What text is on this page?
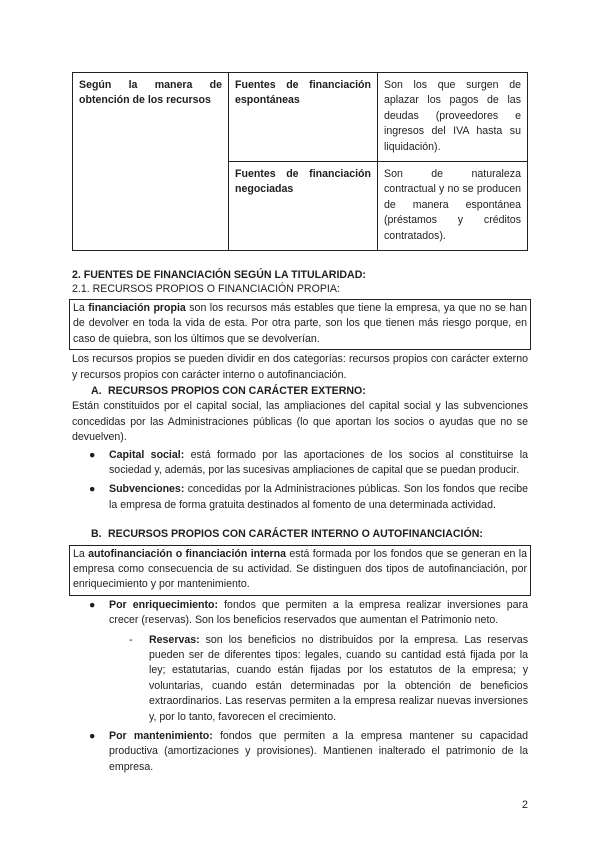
Según la manera de obtención de los recursos	Fuentes de financiación espontáneas	Son los que surgen de aplazar los pagos de las deudas (proveedores e ingresos del IVA hasta su liquidación).
	Fuentes de financiación negociadas	Son de naturaleza contractual y no se producen de manera espontánea (préstamos y créditos contratados).
2. FUENTES DE FINANCIACIÓN SEGÚN LA TITULARIDAD:
2.1. RECURSOS PROPIOS O FINANCIACIÓN PROPIA:
La financiación propia son los recursos más estables que tiene la empresa, ya que no se han de devolver en toda la vida de esta. Por otra parte, son los que tienen más riesgo porque, en caso de quiebra, son los últimos que se devolverían.
Los recursos propios se pueden dividir en dos categorías: recursos propios con carácter externo y recursos propios con carácter interno o autofinanciación.
A. RECURSOS PROPIOS CON CARÁCTER EXTERNO:
Están constituidos por el capital social, las ampliaciones del capital social y las subvenciones concedidas por las Administraciones públicas (lo que aportan los socios o ayudas que no se devuelven).
● Capital social: está formado por las aportaciones de los socios al constituirse la sociedad y, además, por las sucesivas ampliaciones de capital que se puedan producir.
● Subvenciones: concedidas por la Administraciones públicas. Son los fondos que recibe la empresa de forma gratuita destinados al fomento de una determinada actividad.
B. RECURSOS PROPIOS CON CARÁCTER INTERNO O AUTOFINANCIACIÓN:
La autofinanciación o financiación interna está formada por los fondos que se generan en la empresa como consecuencia de su actividad. Se distinguen dos tipos de autofinanciación, por enriquecimiento y por mantenimiento.
● Por enriquecimiento: fondos que permiten a la empresa realizar inversiones para crecer (reservas). Son los beneficios reservados que aumentan el Patrimonio neto.
- Reservas: son los beneficios no distribuidos por la empresa. Las reservas pueden ser de diferentes tipos: legales, cuando su cantidad está fijada por la ley; estatutarias, cuando están fijadas por los estatutos de la empresa; y voluntarias, cuando están determinadas por la obtención de beneficios extraordinarios. Las reservas permiten a la empresa realizar nuevas inversiones y, por lo tanto, favorecen el crecimiento.
● Por mantenimiento: fondos que permiten a la empresa mantener su capacidad productiva (amortizaciones y provisiones). Mantienen inalterado el patrimonio de la empresa.
2
